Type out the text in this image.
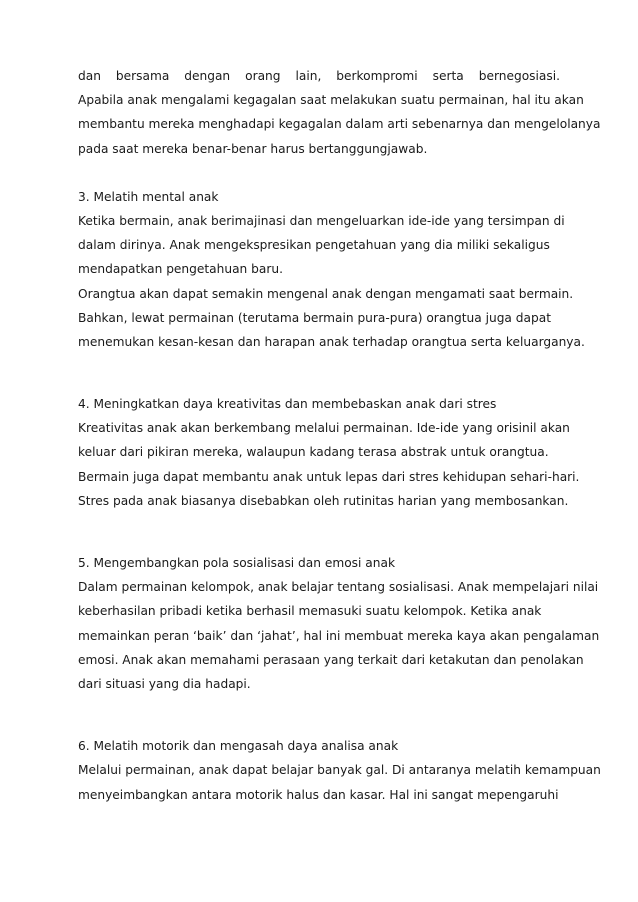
dan bersama dengan orang lain, berkompromi serta bernegosiasi.
Apabila anak mengalami kegagalan saat melakukan suatu permainan, hal itu akan
membantu mereka menghadapi kegagalan dalam arti sebenarnya dan mengelolanya
pada saat mereka benar-benar harus bertanggungjawab.
3. Melatih mental anak
Ketika bermain, anak berimajinasi dan mengeluarkan ide-ide yang tersimpan di
dalam dirinya. Anak mengekspresikan pengetahuan yang dia miliki sekaligus
mendapatkan pengetahuan baru.
Orangtua akan dapat semakin mengenal anak dengan mengamati saat bermain.
Bahkan, lewat permainan (terutama bermain pura-pura) orangtua juga dapat
menemukan kesan-kesan dan harapan anak terhadap orangtua serta keluarganya.
4. Meningkatkan daya kreativitas dan membebaskan anak dari stres
Kreativitas anak akan berkembang melalui permainan. Ide-ide yang orisinil akan
keluar dari pikiran mereka, walaupun kadang terasa abstrak untuk orangtua.
Bermain juga dapat membantu anak untuk lepas dari stres kehidupan sehari-hari.
Stres pada anak biasanya disebabkan oleh rutinitas harian yang membosankan.
5. Mengembangkan pola sosialisasi dan emosi anak
Dalam permainan kelompok, anak belajar tentang sosialisasi. Anak mempelajari nilai
keberhasilan pribadi ketika berhasil memasuki suatu kelompok. Ketika anak
memainkan peran ‘baik’ dan ‘jahat’, hal ini membuat mereka kaya akan pengalaman
emosi. Anak akan memahami perasaan yang terkait dari ketakutan dan penolakan
dari situasi yang dia hadapi.
6. Melatih motorik dan mengasah daya analisa anak
Melalui permainan, anak dapat belajar banyak gal. Di antaranya melatih kemampuan
menyeimbangkan antara motorik halus dan kasar. Hal ini sangat mepengaruhi
